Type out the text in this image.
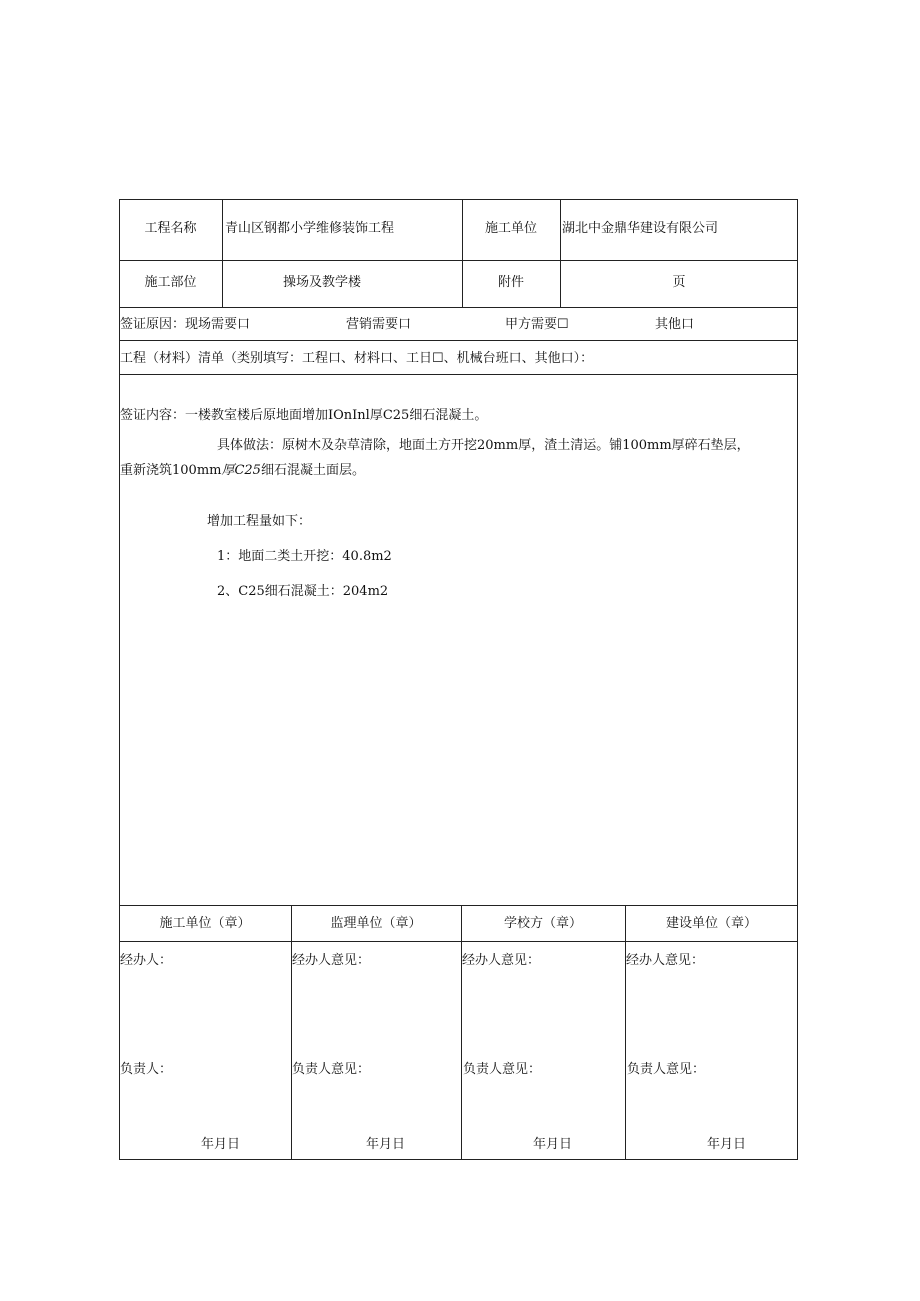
工程名称	青山区钢都小学维修装饰工程	施工单位	湖北中金鼎华建设有限公司
施工部位	操场及教学楼	附件	页
签证原因：现场需要口	营销需要口	甲方需要☐	其他口
工程（材料）清单（类别填写：工程口、材料口、工日☐、机械台班口、其他口）：
签证内容：一楼教室楼后原地面增加IOnInl厚C25细石混凝土。
具体做法：原树木及杂草清除，地面土方开挖20mm厚，渣土清运。铺100mm厚碎石垫层，
重新浇筑100mm厚C25细石混凝土面层。
增加工程量如下：
1：地面二类土开挖：40.8m2
2、C25细石混凝土：204m2
施工单位（章）	监理单位（章）	学校方（章）	建设单位（章）
经办人：	经办人意见：	经办人意见：	经办人意见：
负责人：	负责人意见：	负责人意见：	负责人意见：
年月日	年月日	年月日	年月日
